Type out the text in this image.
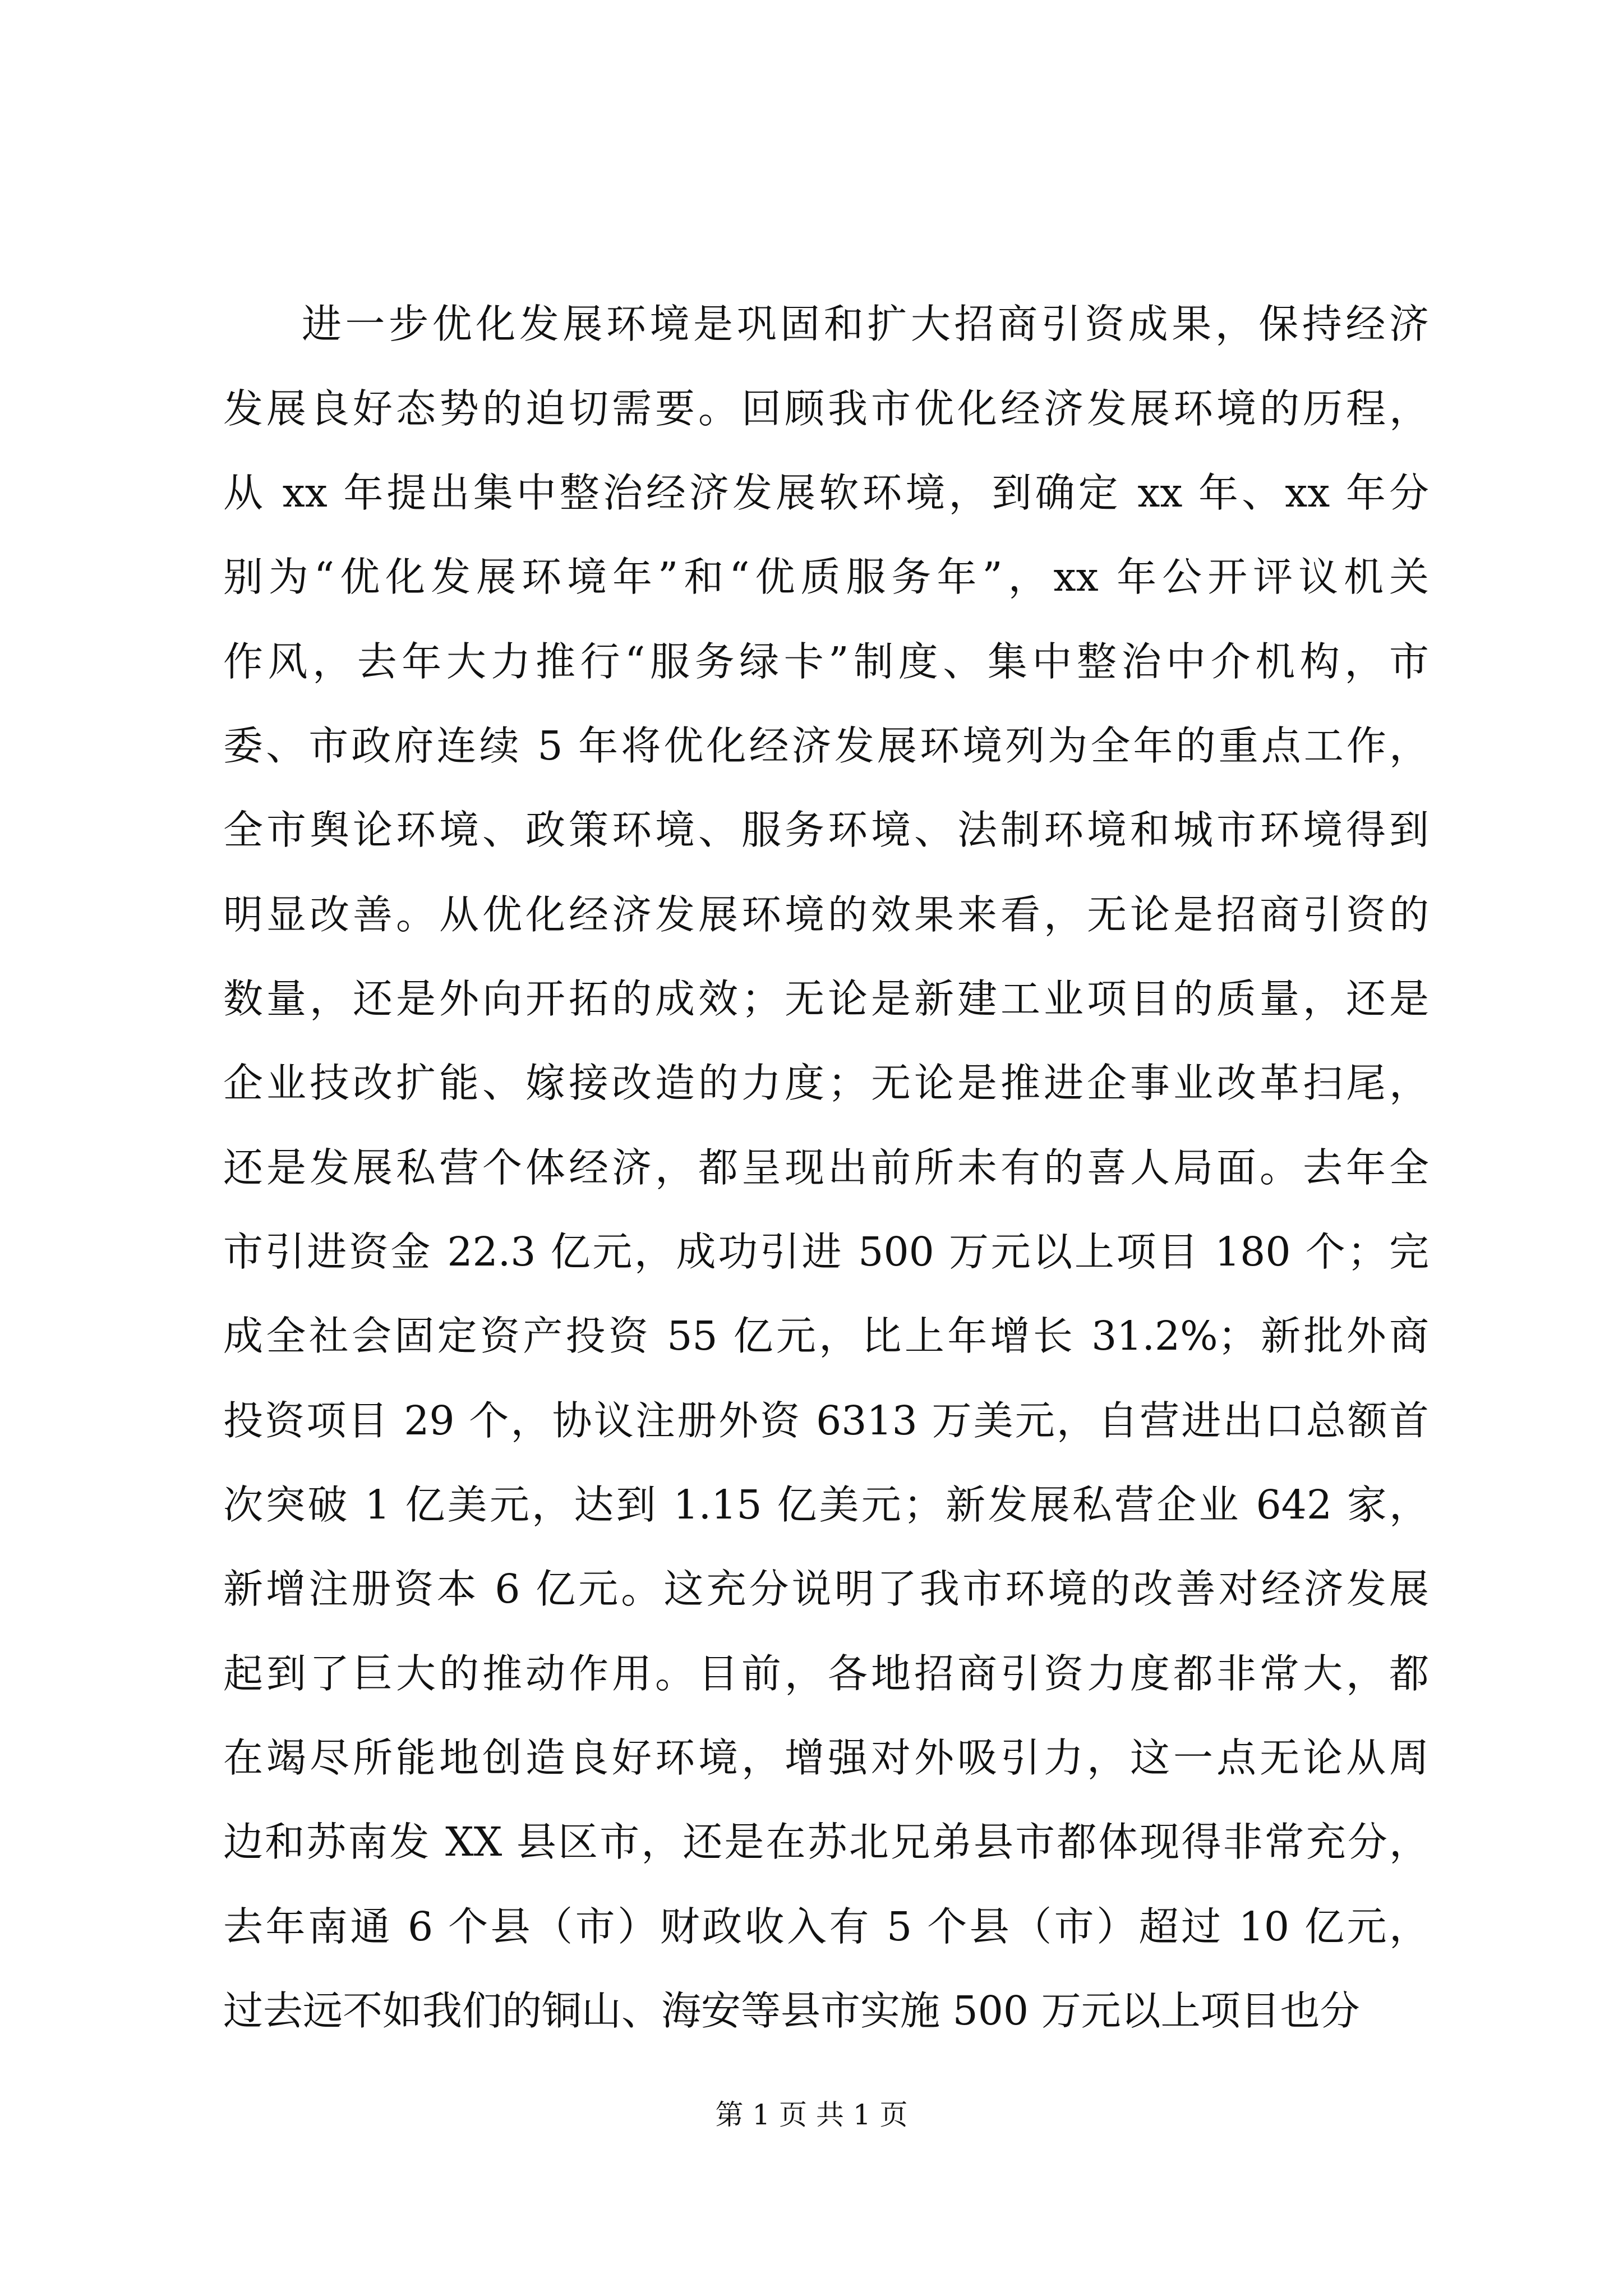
进一步优化发展环境是巩固和扩大招商引资成果，保持经济
发展良好态势的迫切需要。回顾我市优化经济发展环境的历程，
从 xx 年提出集中整治经济发展软环境，到确定 xx 年、xx 年分
别为“优化发展环境年”和“优质服务年”，xx 年公开评议机关
作风，去年大力推行“服务绿卡”制度、集中整治中介机构，市
委、市政府连续 5 年将优化经济发展环境列为全年的重点工作，
全市舆论环境、政策环境、服务环境、法制环境和城市环境得到
明显改善。从优化经济发展环境的效果来看，无论是招商引资的
数量，还是外向开拓的成效；无论是新建工业项目的质量，还是
企业技改扩能、嫁接改造的力度；无论是推进企事业改革扫尾，
还是发展私营个体经济，都呈现出前所未有的喜人局面。去年全
市引进资金 22.3 亿元，成功引进 500 万元以上项目 180 个；完
成全社会固定资产投资 55 亿元，比上年增长 31.2%；新批外商
投资项目 29 个，协议注册外资 6313 万美元，自营进出口总额首
次突破 1 亿美元，达到 1.15 亿美元；新发展私营企业 642 家，
新增注册资本 6 亿元。这充分说明了我市环境的改善对经济发展
起到了巨大的推动作用。目前，各地招商引资力度都非常大，都
在竭尽所能地创造良好环境，增强对外吸引力，这一点无论从周
边和苏南发 XX 县区市，还是在苏北兄弟县市都体现得非常充分，
去年南通 6 个县（市）财政收入有 5 个县（市）超过 10 亿元，
过去远不如我们的铜山、海安等县市实施 500 万元以上项目也分
第 1 页 共 1 页
